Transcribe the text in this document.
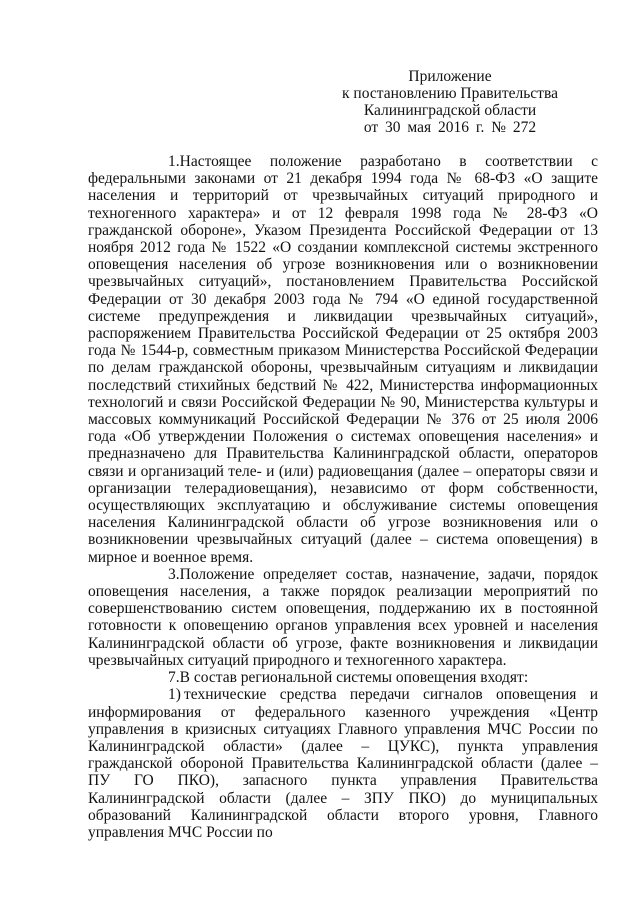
Приложение
к постановлению Правительства
Калининградской области
от 30 мая 2016 г. № 272

1.Настоящее положение разработано в соответствии с федеральными законами от 21 декабря 1994 года № 68-ФЗ «О защите населения и территорий от чрезвычайных ситуаций природного и техногенного характера» и от 12 февраля 1998 года № 28-ФЗ «О гражданской обороне», Указом Президента Российской Федерации от 13 ноября 2012 года № 1522 «О создании комплексной системы экстренного оповещения населения об угрозе возникновения или о возникновении чрезвычайных ситуаций», постановлением Правительства Российской Федерации от 30 декабря 2003 года № 794 «О единой государственной системе предупреждения и ликвидации чрезвычайных ситуаций», распоряжением Правительства Российской Федерации от 25 октября 2003 года № 1544-р, совместным приказом Министерства Российской Федерации по делам гражданской обороны, чрезвычайным ситуациям и ликвидации последствий стихийных бедствий № 422, Министерства информационных технологий и связи Российской Федерации № 90, Министерства культуры и массовых коммуникаций Российской Федерации № 376 от 25 июля 2006 года «Об утверждении Положения о системах оповещения населения» и предназначено для Правительства Калининградской области, операторов связи и организаций теле- и (или) радиовещания (далее – операторы связи и организации телерадиовещания), независимо от форм собственности, осуществляющих эксплуатацию и обслуживание системы оповещения населения Калининградской области об угрозе возникновения или о возникновении чрезвычайных ситуаций (далее – система оповещения) в мирное и военное время.

3.Положение определяет состав, назначение, задачи, порядок оповещения населения, а также порядок реализации мероприятий по совершенствованию систем оповещения, поддержанию их в постоянной готовности к оповещению органов управления всех уровней и населения Калининградской области об угрозе, факте возникновения и ликвидации чрезвычайных ситуаций природного и техногенного характера.

7.В состав региональной системы оповещения входят:

1) технические средства передачи сигналов оповещения и информирования от федерального казенного учреждения «Центр управления в кризисных ситуациях Главного управления МЧС России по Калининградской области» (далее – ЦУКС), пункта управления гражданской обороной Правительства Калининградской области (далее – ПУ ГО ПКО), запасного пункта управления Правительства Калининградской области (далее – ЗПУ ПКО) до муниципальных образований Калининградской области второго уровня, Главного управления МЧС России по
